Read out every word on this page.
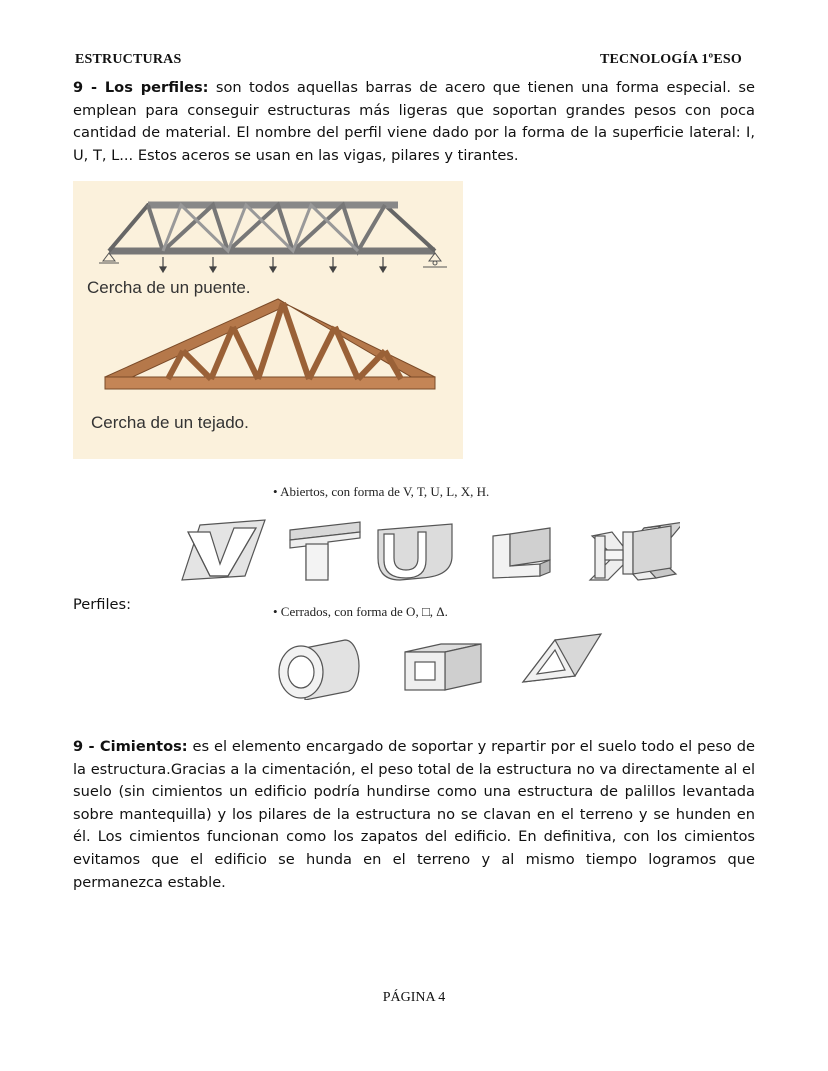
ESTRUCTURAS	TECNOLOGÍA 1ºESO
9 - Los perfiles: son todos aquellas barras de acero que tienen una forma especial. se emplean para conseguir estructuras más ligeras que soportan grandes pesos con poca cantidad de material. El nombre del perfil viene dado por la forma de la superficie lateral: I, U, T, L... Estos aceros se usan en las vigas, pilares y tirantes.
Cercha de un puente.
Cercha de un tejado.
• Abiertos, con forma de V, T, U, L, X, H.
• Cerrados, con forma de O, □, Δ.
Perfiles:
9 - Cimientos: es el elemento encargado de soportar y repartir por el suelo todo el peso de la estructura.Gracias a la cimentación, el peso total de la estructura no va directamente al el suelo (sin cimientos un edificio podría hundirse como una estructura de palillos levantada sobre mantequilla) y los pilares de la estructura no se clavan en el terreno y se hunden en él. Los cimientos funcionan como los zapatos del edificio. En definitiva, con los cimientos evitamos que el edificio se hunda en el terreno y al mismo tiempo logramos que permanezca estable.
PÁGINA 4
